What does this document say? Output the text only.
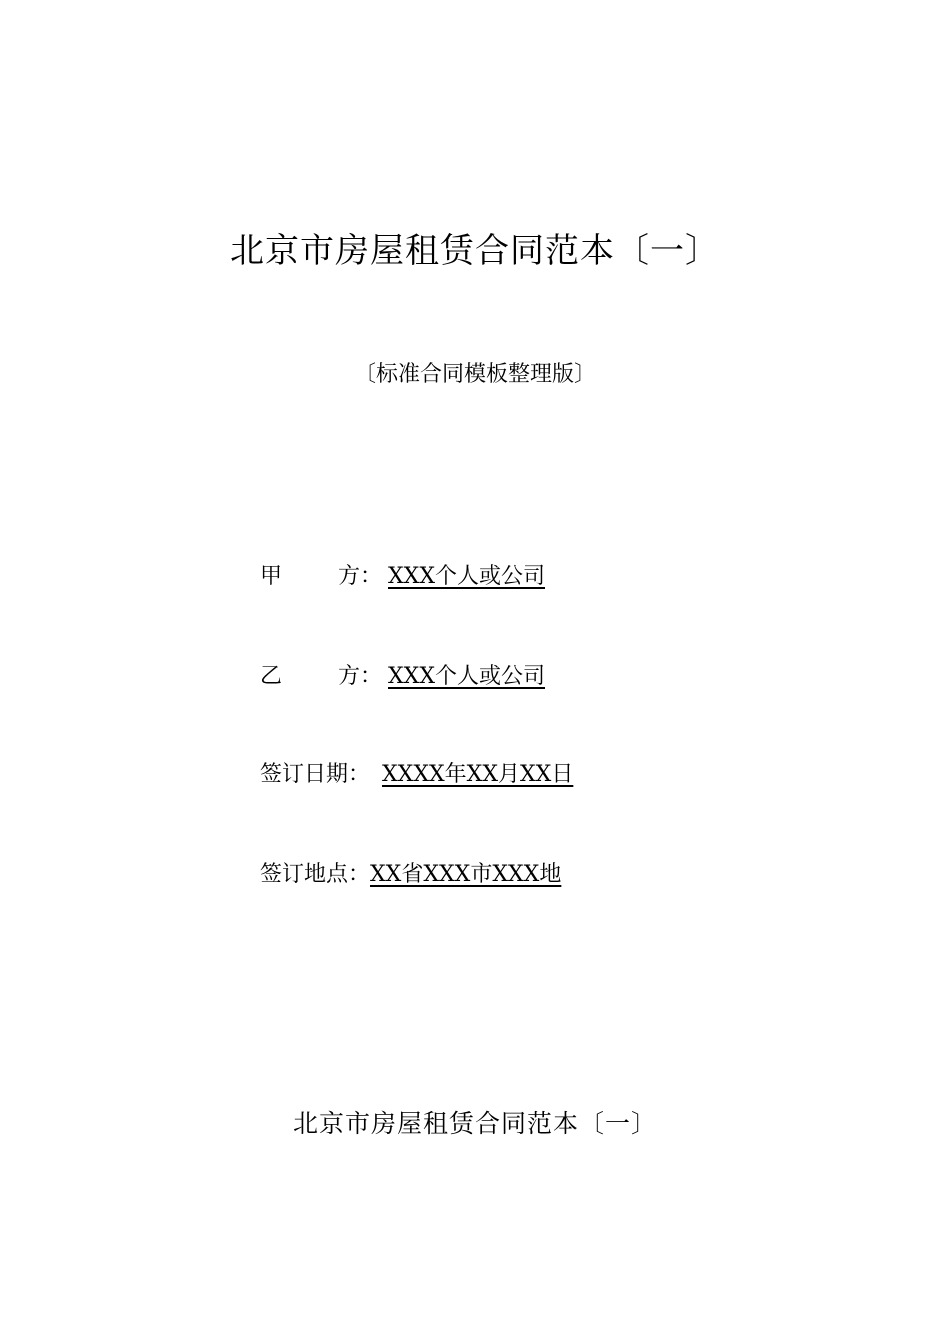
北京市房屋租赁合同范本〔一〕
〔标准合同模板整理版〕
甲	方： XXX个人或公司
乙	方： XXX个人或公司
签订日期： XXXX年XX月XX日
签订地点：XX省XXX市XXX地
北京市房屋租赁合同范本〔一〕
